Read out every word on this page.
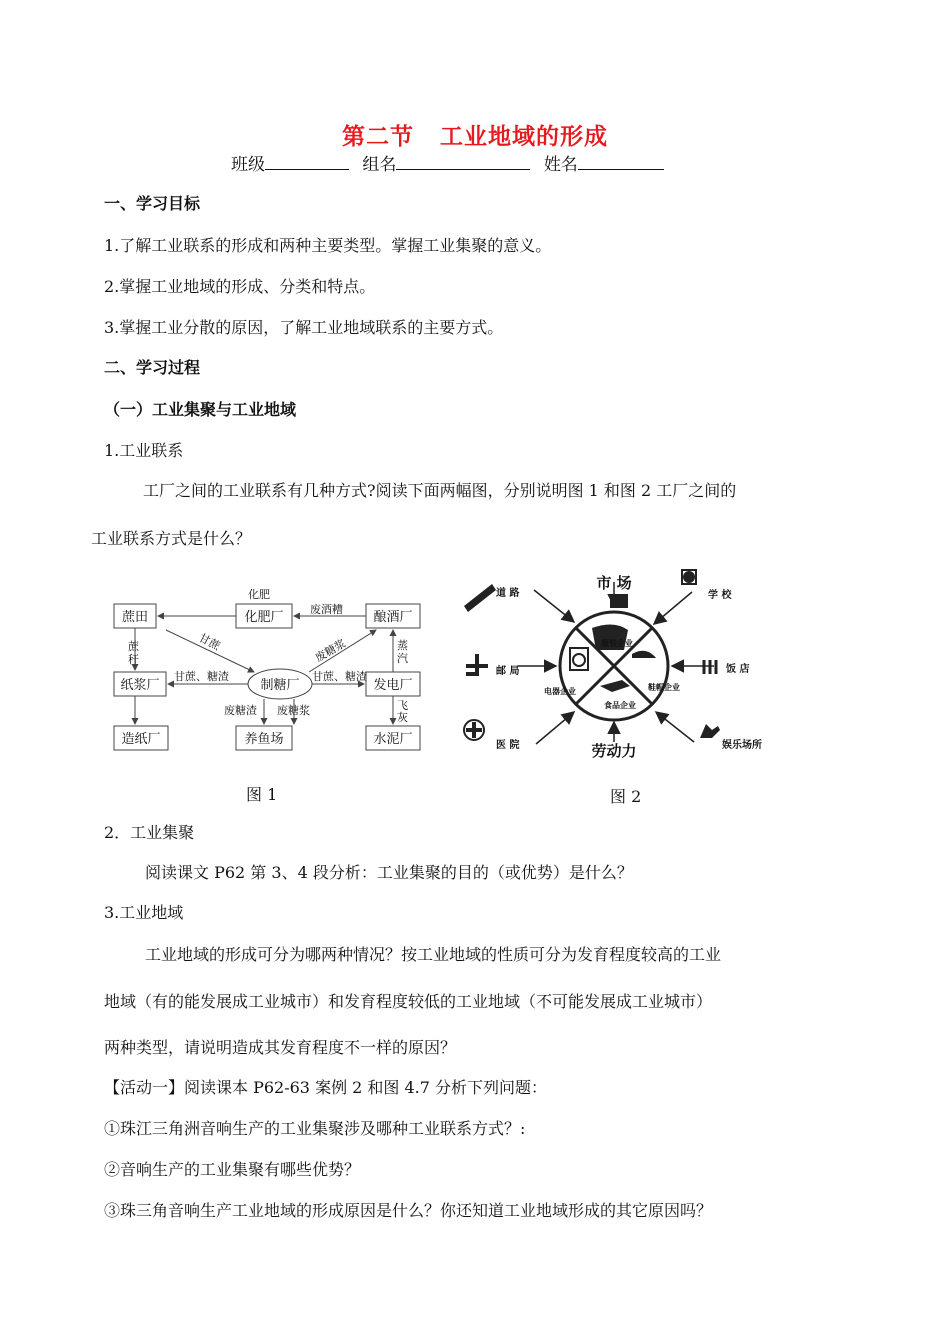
第二节 工业地域的形成
班级	组名	姓名
一、学习目标
1.了解工业联系的形成和两种主要类型。掌握工业集聚的意义。
2.掌握工业地域的形成、分类和特点。
3.掌握工业分散的原因，了解工业地域联系的主要方式。
二、学习过程
（一）工业集聚与工业地域
1.工业联系
工厂之间的工业联系有几种方式?阅读下面两幅图，分别说明图 1 和图 2 工厂之间的
工业联系方式是什么？
化肥
废酒糟
甘蔗	废糖浆
蔗
秆
甘蔗、糖渣	甘蔗、糖渣
蒸
汽
飞
灰
废糖渣 废糖浆
蔗田	化肥厂	酿酒厂
纸浆厂	制糖厂	发电厂
造纸厂	养鱼场	水泥厂
图 1
道 路	学 校
邮 局	饭 店
医 院	娱乐场所
市 场
劳动力
服装企业
电器企业	鞋帽企业
食品企业
图 2
2．工业集聚
阅读课文 P62 第 3、4 段分析：工业集聚的目的（或优势）是什么？
3.工业地域
工业地域的形成可分为哪两种情况？按工业地域的性质可分为发育程度较高的工业
地域（有的能发展成工业城市）和发育程度较低的工业地域（不可能发展成工业城市）
两种类型，请说明造成其发育程度不一样的原因？
【活动一】阅读课本 P62-63 案例 2 和图 4.7 分析下列问题：
①珠江三角洲音响生产的工业集聚涉及哪种工业联系方式？:
②音响生产的工业集聚有哪些优势？
③珠三角音响生产工业地域的形成原因是什么？你还知道工业地域形成的其它原因吗？
